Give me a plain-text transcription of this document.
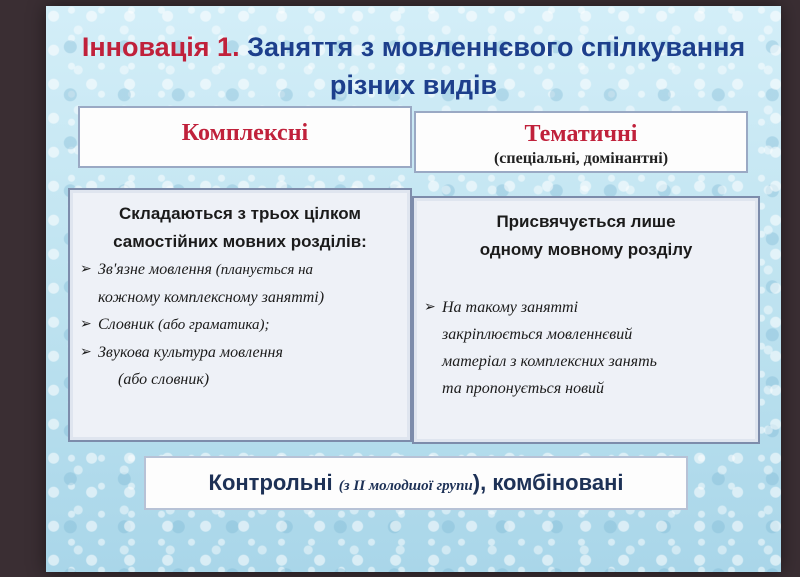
Інновація 1. Заняття з мовленнєвого спілкування
різних видів
Комплексні	Тематичні
(спеціальні, домінантні)
Складаються з трьох цілком
самостійних мовних розділів:
➢ Зв'язне мовлення (планується на
кожному комплексному занятті)
➢ Словник (або граматика);
➢ Звукова культура мовлення
(або словник)
Присвячується лише
одному мовному розділу
➢ На такому занятті
закріплюється мовленнєвий
матеріал з комплексних занять
та пропонується новий
Контрольні (з ІІ молодшої групи), комбіновані
